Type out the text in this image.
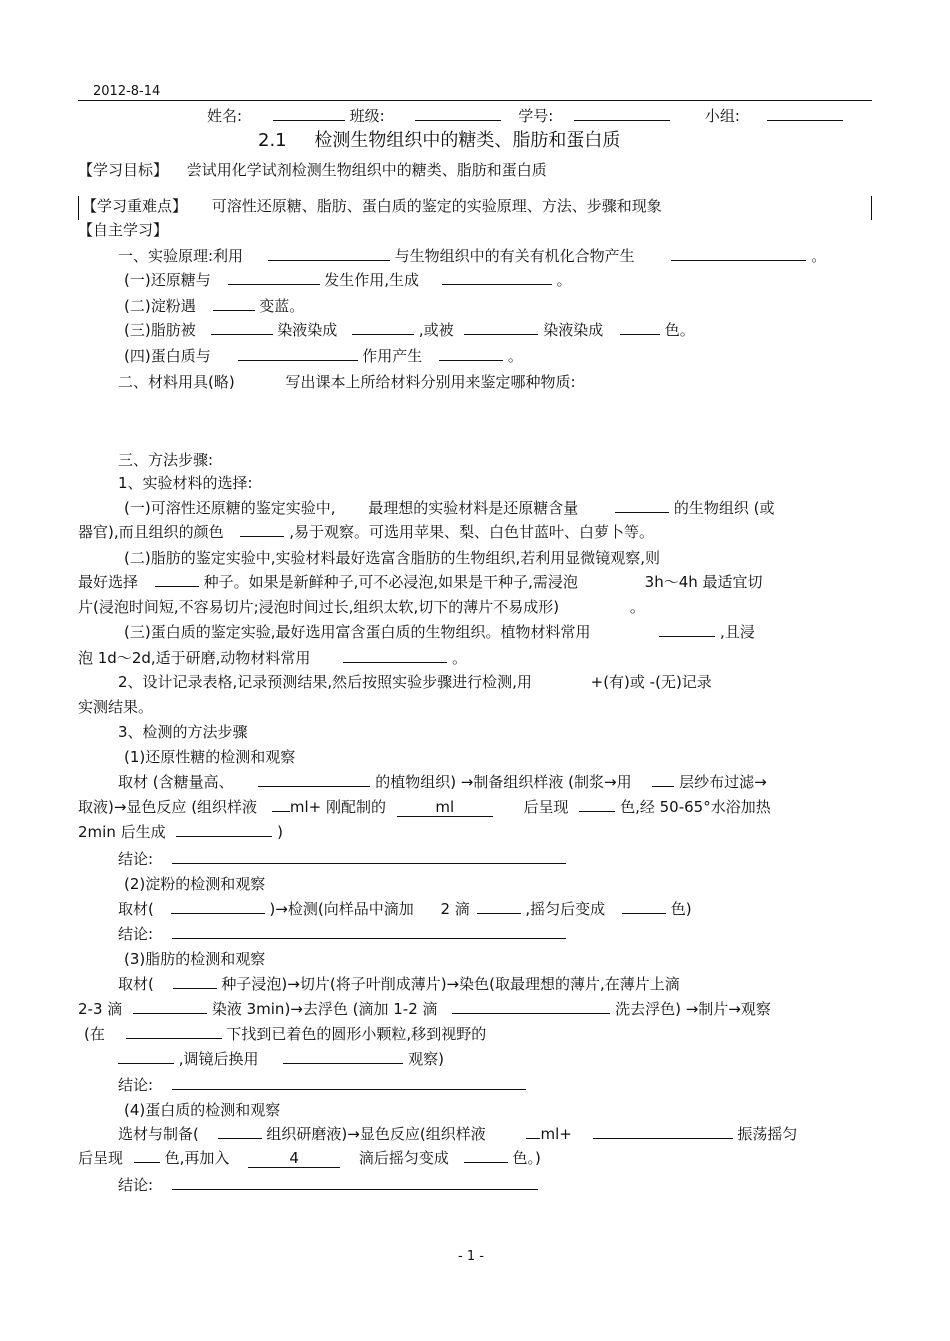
2012-8-14
姓名:	班级:	学号:	小组:
2.1 检测生物组织中的糖类、脂肪和蛋白质
【学习目标】 尝试用化学试剂检测生物组织中的糖类、脂肪和蛋白质
【学习重难点】 可溶性还原糖、脂肪、蛋白质的鉴定的实验原理、方法、步骤和现象
【自主学习】
一、实验原理:利用	与生物组织中的有关有机化合物产生	。
(一)还原糖与	发生作用,生成	。
(二)淀粉遇	变蓝。
(三)脂肪被	染液染成	,或被	染液染成	色。
(四)蛋白质与	作用产生	。
二、材料用具(略)	写出课本上所给材料分别用来鉴定哪种物质:
三、方法步骤:
1、实验材料的选择:
(一)可溶性还原糖的鉴定实验中, 最理想的实验材料是还原糖含量	的生物组织 (或
器官),而且组织的颜色	,易于观察。可选用苹果、梨、白色甘蓝叶、白萝卜等。
(二)脂肪的鉴定实验中,实验材料最好选富含脂肪的生物组织,若利用显微镜观察,则
最好选择	种子。如果是新鲜种子,可不必浸泡,如果是干种子,需浸泡	3h～4h 最适宜切
片(浸泡时间短,不容易切片;浸泡时间过长,组织太软,切下的薄片不易成形)	。
(三)蛋白质的鉴定实验,最好选用富含蛋白质的生物组织。植物材料常用	,且浸
泡 1d～2d,适于研磨,动物材料常用	。
2、设计记录表格,记录预测结果,然后按照实验步骤进行检测,用	+(有)或 -(无)记录
实测结果。
3、检测的方法步骤
(1)还原性糖的检测和观察
取材 (含糖量高、	的植物组织) →制备组织样液 (制浆→用	层纱布过滤→
取液)→显色反应 (组织样液 ml+ 刚配制的	ml	后呈现	色,经 50-65°水浴加热
2min 后生成	)
结论:
(2)淀粉的检测和观察
取材(	)→检测(向样品中滴加 2 滴	,摇匀后变成	色)
结论:
(3)脂肪的检测和观察
取材(	种子浸泡)→切片(将子叶削成薄片)→染色(取最理想的薄片,在薄片上滴
2-3 滴	染液 3min)→去浮色 (滴加 1-2 滴	洗去浮色) →制片→观察
(在	下找到已着色的圆形小颗粒,移到视野的
,调镜后换用	观察)
结论:
(4)蛋白质的检测和观察
选材与制备(	组织研磨液)→显色反应(组织样液	ml+	振荡摇匀
后呈现	色,再加入	4	滴后摇匀变成	色。)
结论:
- 1 -
